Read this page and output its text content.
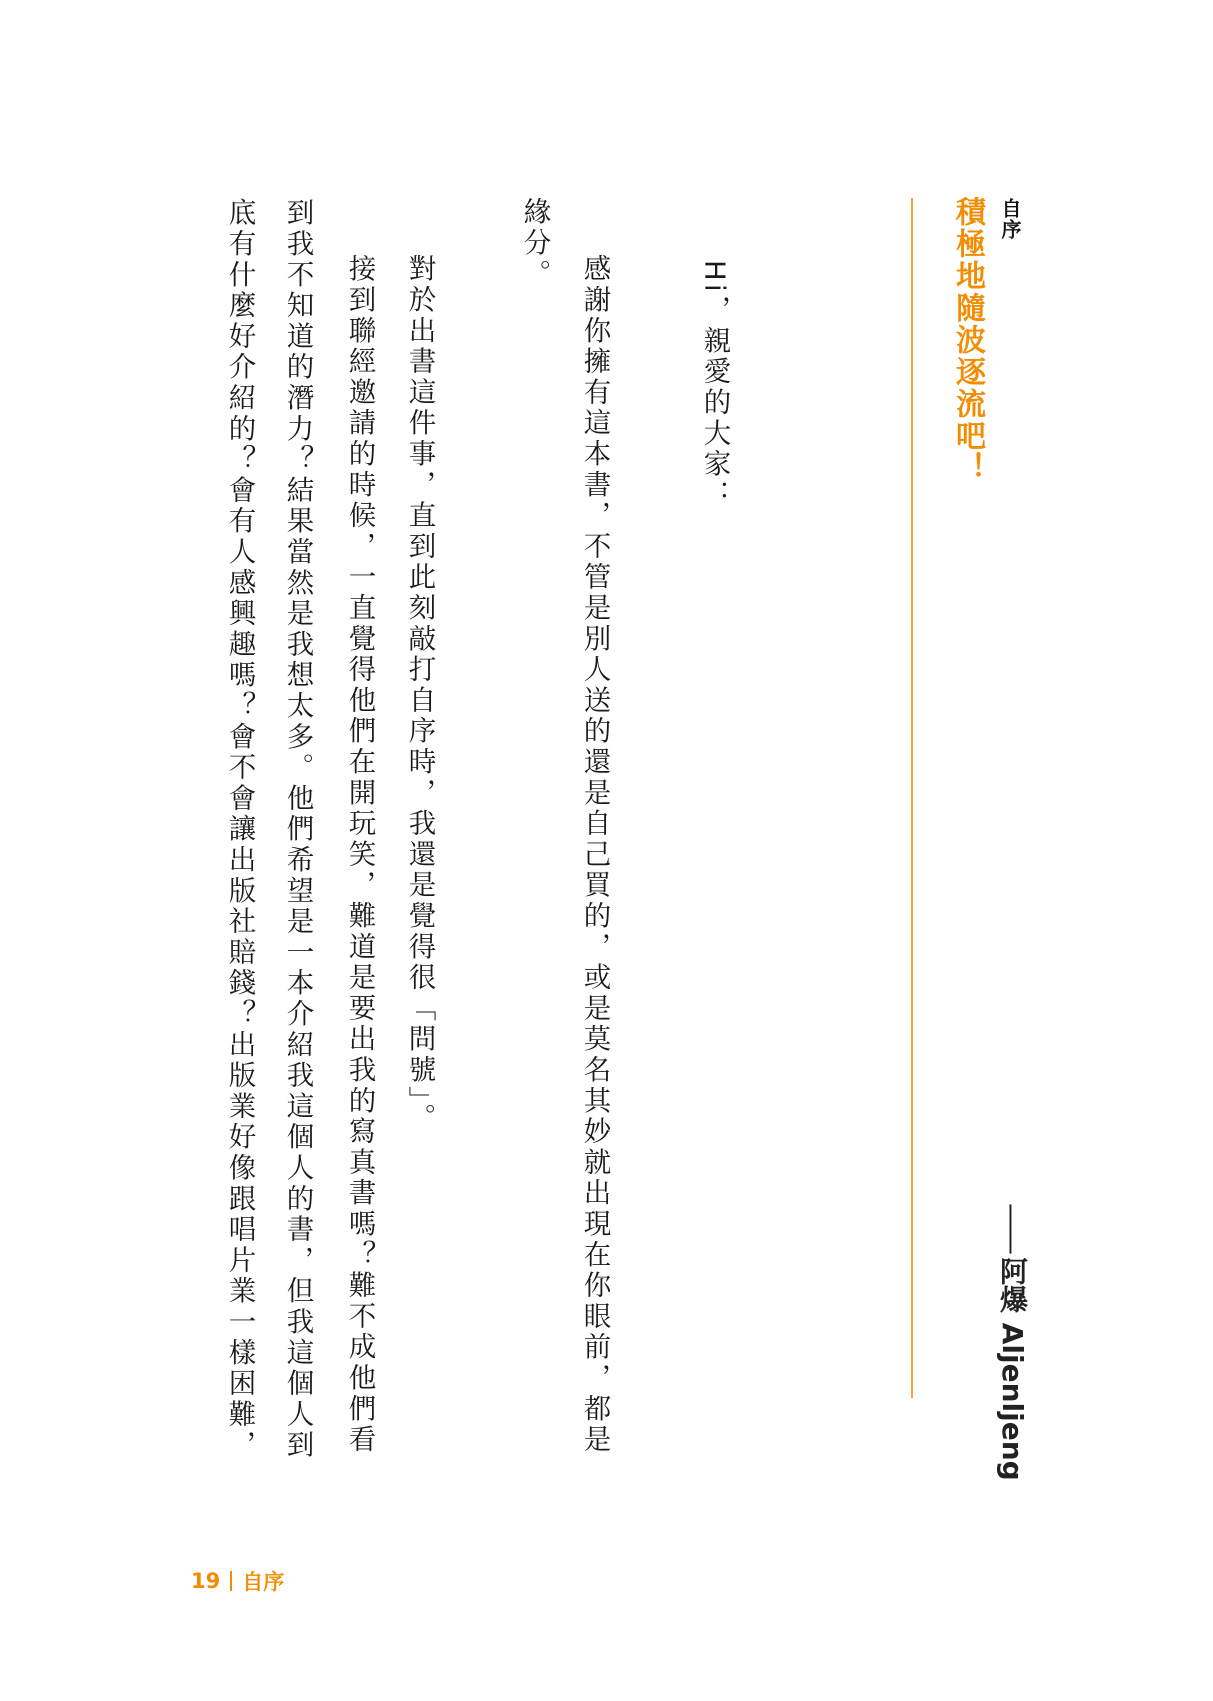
自序
積極地隨波逐流吧！
——阿爆 Aljenljeng
Hi，親愛的大家：
感謝你擁有這本書，不管是別人送的還是自己買的，或是莫名其妙就出現在你眼前，都是
緣分。
對於出書這件事，直到此刻敲打自序時，我還是覺得很「問號」。
接到聯經邀請的時候，一直覺得他們在開玩笑，難道是要出我的寫真書嗎？難不成他們看
到我不知道的潛力？結果當然是我想太多。他們希望是一本介紹我這個人的書，但我這個人到
底有什麼好介紹的？會有人感興趣嗎？會不會讓出版社賠錢？出版業好像跟唱片業一樣困難，
19 自序
